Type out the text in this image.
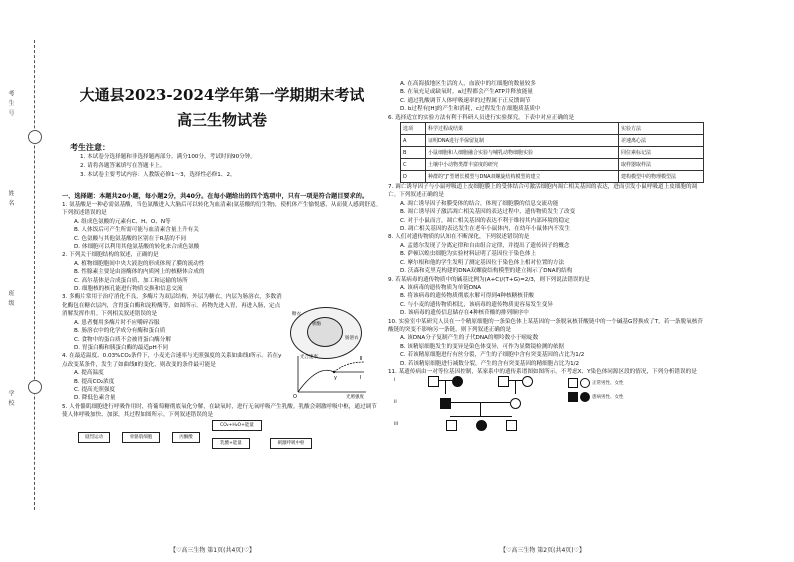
考 生 号
姓 名
班 级
学 校
大通县2023-2024学年第一学期期末考试
高三生物试卷
考生注意：
1. 本试卷分选择题和非选择题两部分。满分100分，考试时间90分钟。
2. 请将各题答案填写在答题卡上。
3. 本试卷主要考试内容：人教版必修1～3，选择性必修1、2。
一、选择题：本题共20小题，每小题2分，共40分。在每小题给出的四个选项中，只有一项是符合题目要求的。
1. 氨基酸是一种必需氨基酸，当色氨酸进入大脑后可以转化为血清素(氨基酸的衍生物)，使机体产生愉悦感，从而使人感到舒适。下列叙述错误的是
A. 组成色氨酸的元素有C、H、O、N等
B. 人体饭后可产生所需可能与血清素含量上升有关
C. 色氨酸与其他氨基酸的区别在于R基的不同
D. 体细胞可以利用其他氨基酸的转化来合成色氨酸
2. 下列关于细胞结构的叙述，正确的是
A. 植物细胞胞间中央大液泡的形成体现了膜的流动性
B. 性腺素主要是由溶酶体的内质网上的核糖体合成的
C. 高尔基体是合成蛋白质、加工和运输的场所
D. 细胞核的核孔能进行物质交换和信息交流
3. 多酶片常用于治疗消化不良，多酶片为双层结构，外层为糖衣，内层为肠溶衣，多数消化酶包在糖衣层内，含胃蛋白酶和淀粉酶等，如图所示。药物先进入胃，再进入肠，定点消解发挥作用。下列相关叙述错误的是
A. 患者餐用多酶片时不应嚼碎吞服
B. 肠溶衣中的化学成分有酶和蛋白质
C. 食物中的蛋白质不会被胃蛋白酶分解
D. 胃蛋白酶和胰蛋白酶的最适pH不同
胰酶
糖衣
肠溶衣
4. 在最适温度、0.03%CO₂条件下，小麦光合速率与光照强度的关系如曲线Ⅰ所示。若在y点改变某条件，发生了如曲线Ⅱ的变化，则改变的条件最可能是
A. 提高温度
B. 提高CO₂浓度
C. 提高光照强度
D. 降低色素含量
y
Ⅱ
Ⅰ
O
光合速率
光照强度
5. 人骨骼肌细胞进行呼吸作用时，将葡萄糖彻底氧化分解，在缺氧时，进行无氧呼吸产生乳酸。乳酸会刺激呼吸中枢，通过调节使人体呼吸加快、加深，其过程如图所示。下列叙述错误的是
剧烈运动	骨骼肌细胞	丙酮酸
CO₂+H₂O+能量
乳酸+能量	刺激呼吸中枢
【♡高三生物 第1页(共4页)♡】
A. 在高海拔地区生活的人，血液中的红细胞的数量较多
B. 在氧充足或缺氧时，a过程都会产生ATP并释放能量
C. 通过乳酸调节人体呼吸速率的过程属于正反馈调节
D. b过程有[H]的产生和消耗，c过程发生在细胞质基质中
6. 选择适宜的实验方法有利于科研人员进行实验探究。下表中对应正确的是
选项	科学过程或结果	实验方法
A	证明DNA进行半保留复制	差速离心法
B	小鼠细胞和人细胞融合实验与哺乳动物细胞实验	同位素标记法
C	土壤中小动物类群丰富度的研究	取样器取样法
D	种群的“J”型增长模型与DNA双螺旋结构模型的建立	建构模型中的物理模型法
7. 调亡诱导因子与小鼠呼吸道上皮细胞膜上的受体结合可激活细胞内凋亡相关基因的表达，进而引发小鼠呼吸道上皮细胞的凋亡。下列叙述正确的是
A. 凋亡诱导因子和膜受体的结合，体现了细胞膜的信息交流功能
B. 凋亡诱导因子激活凋亡相关基因的表达过程中，遗传物质发生了改变
C. 对于小鼠而言，凋亡相关基因的表达不利于维持其内部环境的稳定
D. 凋亡相关基因的表达发生在老年小鼠体内，在幼年小鼠体内不发生
8. 人们对遗传物质的认知在不断深化，下列叙述错误的是
A. 孟德尔发现了分离定律和自由组合定律，并提出了遗传因子的概念
B. 萨顿以蝗虫细胞为实验材料证明了基因位于染色体上
C. 摩尔根和他的学生发明了测定基因位于染色体上相对位置的方法
D. 沃森和克里克构建的DNA双螺旋结构模型的建立揭示了DNA的结构
9. 若某病毒的遗传物质中的碱基比例为(A+C)/(T+G)=2/3，则下列说法错误的是
A. 该病毒的遗传物质为单链DNA
B. 将该病毒的遗传物质彻底水解可得到4种核糖核苷酸
C. 与小麦的遗传物质相比，该病毒的遗传物质更容易发生变异
D. 该病毒的遗传信息储存在4种核苷酸的排列顺序中
10. 实验室中某研究人员在一个精原细胞的一条染色体上某基因的一条脱氧核苷酸链中的一个碱基G替换成了T，若一条脱氧核苷酸链的突变不影响另一条链，则下列叙述正确的是
A. 该DNA分子复制产生的子代DNA的嘌呤数小于嘧啶数
B. 该精原细胞发生的变异是染色体变异，可作为显微镜检测的依据
C. 若该精原细胞进行有丝分裂，产生的子细胞中含有突变基因的占比为1/2
D. 若该精原细胞进行减数分裂，产生的含有突变基因的精细胞占比为1/2
11. 某遗传病由一对等位基因控制，某家系中的遗传系谱图如图所示。不考虑X、Y染色体同源区段的情况，下列分析错误的是
I
II
III
正常男性、女性
患病男性、女性
【♡高三生物 第2页(共4页)♡】
